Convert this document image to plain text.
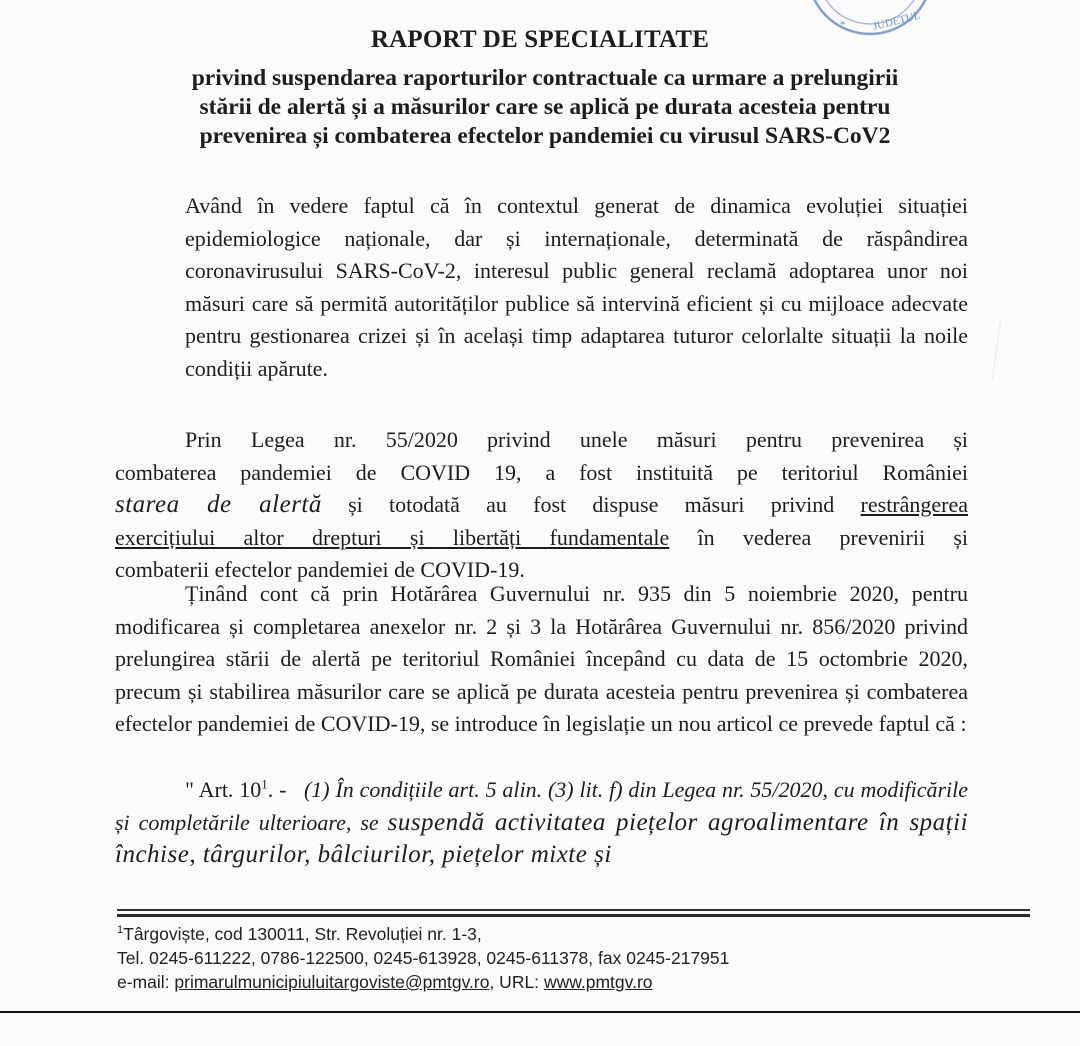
JUDETUL
*
RAPORT DE SPECIALITATE
privind suspendarea raporturilor contractuale ca urmare a prelungirii
stării de alertă și a măsurilor care se aplică pe durata acesteia pentru
prevenirea și combaterea efectelor pandemiei cu virusul SARS-CoV2
Având în vedere faptul că în contextul generat de dinamica evoluției situației epidemiologice naționale, dar și internaționale, determinată de răspândirea coronavirusului SARS-CoV-2, interesul public general reclamă adoptarea unor noi măsuri care să permită autorităților publice să intervină eficient și cu mijloace adecvate pentru gestionarea crizei și în același timp adaptarea tuturor celorlalte situații la noile condiții apărute.
Prin Legea nr. 55/2020 privind unele măsuri pentru prevenirea și
combaterea pandemiei de COVID 19, a fost instituită pe teritoriul României
starea de alertă și totodată au fost dispuse măsuri privind restrângerea
exercițiului altor drepturi și libertăți fundamentale în vederea prevenirii și
combaterii efectelor pandemiei de COVID-19.
Ținând cont că prin Hotărârea Guvernului nr. 935 din 5 noiembrie 2020, pentru modificarea și completarea anexelor nr. 2 și 3 la Hotărârea Guvernului nr. 856/2020 privind prelungirea stării de alertă pe teritoriul României începând cu data de 15 octombrie 2020, precum și stabilirea măsurilor care se aplică pe durata acesteia pentru prevenirea și combaterea efectelor pandemiei de COVID-19, se introduce în legislație un nou articol ce prevede faptul că :
" Art. $10^1$. - (1) În condițiile art. 5 alin. (3) lit. f) din Legea nr. 55/2020, cu modificările și completările ulterioare, se suspendă activitatea piețelor agroalimentare în spații închise, târgurilor, bâlciurilor, piețelor mixte și
$^1$Târgoviște, cod 130011, Str. Revoluției nr. 1-3,
Tel. 0245-611222, 0786-122500, 0245-613928, 0245-611378, fax 0245-217951
e-mail: primarulmunicipiuluitargoviste@pmtgv.ro, URL: www.pmtgv.ro
